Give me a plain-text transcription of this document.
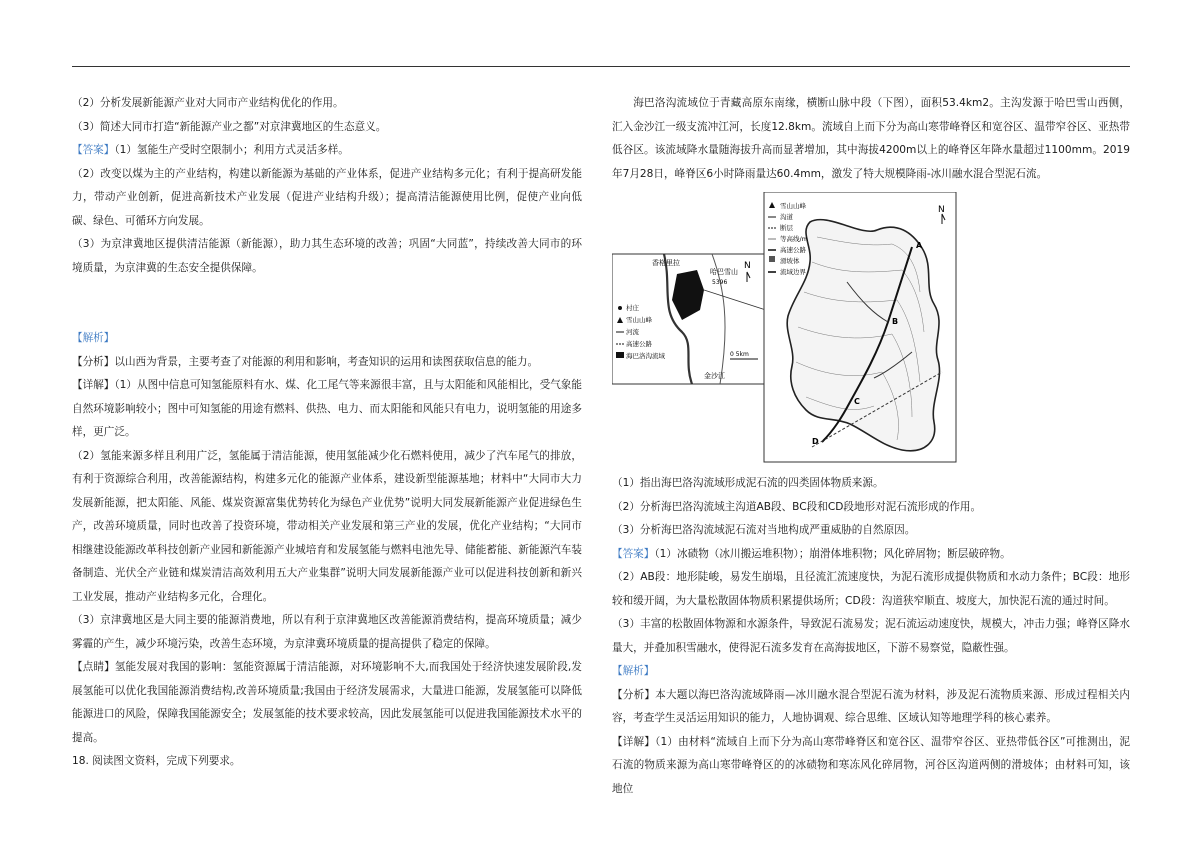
（2）分析发展新能源产业对大同市产业结构优化的作用。

（3）简述大同市打造“新能源产业之都”对京津冀地区的生态意义。

【答案】（1）氢能生产受时空限制小；利用方式灵活多样。

（2）改变以煤为主的产业结构，构建以新能源为基础的产业体系，促进产业结构多元化；有利于提高研发能力，带动产业创新，促进高新技术产业发展（促进产业结构升级）；提高清洁能源使用比例，促使产业向低碳、绿色、可循环方向发展。

（3）为京津冀地区提供清洁能源（新能源），助力其生态环境的改善；巩固“大同蓝”，持续改善大同市的环境质量，为京津冀的生态安全提供保障。

【解析】

【分析】以山西为背景，主要考查了对能源的利用和影响，考查知识的运用和读图获取信息的能力。

【详解】（1）从图中信息可知氢能原料有水、煤、化工尾气等来源很丰富，且与太阳能和风能相比，受气象能自然环境影响较小；图中可知氢能的用途有燃料、供热、电力、而太阳能和风能只有电力，说明氢能的用途多样，更广泛。

（2）氢能来源多样且利用广泛，氢能属于清洁能源，使用氢能减少化石燃料使用，减少了汽车尾气的排放，有利于资源综合利用，改善能源结构，构建多元化的能源产业体系，建设新型能源基地；材料中“大同市大力发展新能源，把太阳能、风能、煤炭资源富集优势转化为绿色产业优势”说明大同发展新能源产业促进绿色生产，改善环境质量，同时也改善了投资环境，带动相关产业发展和第三产业的发展，优化产业结构；“大同市相继建设能源改革科技创新产业园和新能源产业城培育和发展氢能与燃料电池先导、储能蓄能、新能源汽车装备制造、光伏全产业链和煤炭清洁高效利用五大产业集群”说明大同发展新能源产业可以促进科技创新和新兴工业发展，推动产业结构多元化，合理化。

（3）京津冀地区是大同主要的能源消费地，所以有利于京津冀地区改善能源消费结构，提高环境质量；减少雾霾的产生，减少环境污染，改善生态环境，为京津冀环境质量的提高提供了稳定的保障。

【点睛】氢能发展对我国的影响：氢能资源属于清洁能源，对环境影响不大,而我国处于经济快速发展阶段,发展氢能可以优化我国能源消费结构,改善环境质量;我国由于经济发展需求，大量进口能源，发展氢能可以降低能源进口的风险，保障我国能源安全；发展氢能的技术要求较高，因此发展氢能可以促进我国能源技术水平的提高。

18. 阅读图文资料，完成下列要求。

海巴洛沟流域位于青藏高原东南缘，横断山脉中段（下图），面积53.4km2。主沟发源于哈巴雪山西侧，汇入金沙江一级支流冲江河，长度12.8km。流域自上而下分为高山寒带峰脊区和宽谷区、温带窄谷区、亚热带低谷区。该流域降水量随海拔升高而显著增加，其中海拔4200m以上的峰脊区年降水量超过1100mm。2019年7月28日，峰脊区6小时降雨量达60.4mm，激发了特大规模降雨-冰川融水混合型泥石流。

香格里拉
哈巴雪山
5396
金沙江
N
0 5km
村庄
雪山山峰
河流
高速公路
海巴洛沟流域
A
B
C
D
N
雪山山峰
沟道
断层
等高线/m
高速公路
滑坡体
流域边界

（1）指出海巴洛沟流域形成泥石流的四类固体物质来源。

（2）分析海巴洛沟流域主沟道AB段、BC段和CD段地形对泥石流形成的作用。

（3）分析海巴洛沟流域泥石流对当地构成严重威胁的自然原因。

【答案】（1）冰碛物（冰川搬运堆积物）；崩滑体堆积物；风化碎屑物；断层破碎物。

（2）AB段：地形陡峻，易发生崩塌，且径流汇流速度快，为泥石流形成提供物质和水动力条件；BC段：地形较和缓开阔，为大量松散固体物质积累提供场所；CD段：沟道狭窄顺直、坡度大，加快泥石流的通过时间。

（3）丰富的松散固体物源和水源条件，导致泥石流易发；泥石流运动速度快，规模大，冲击力强；峰脊区降水量大，并叠加积雪融水，使得泥石流多发育在高海拔地区，下游不易察觉，隐蔽性强。

【解析】

【分析】本大题以海巴洛沟流域降雨—冰川融水混合型泥石流为材料，涉及泥石流物质来源、形成过程相关内容，考查学生灵活运用知识的能力，人地协调观、综合思维、区域认知等地理学科的核心素养。

【详解】（1）由材料“流域自上而下分为高山寒带峰脊区和宽谷区、温带窄谷区、亚热带低谷区”可推测出，泥石流的物质来源为高山寒带峰脊区的的冰碛物和寒冻风化碎屑物，河谷区沟道两侧的滑坡体；由材料可知，该地位
